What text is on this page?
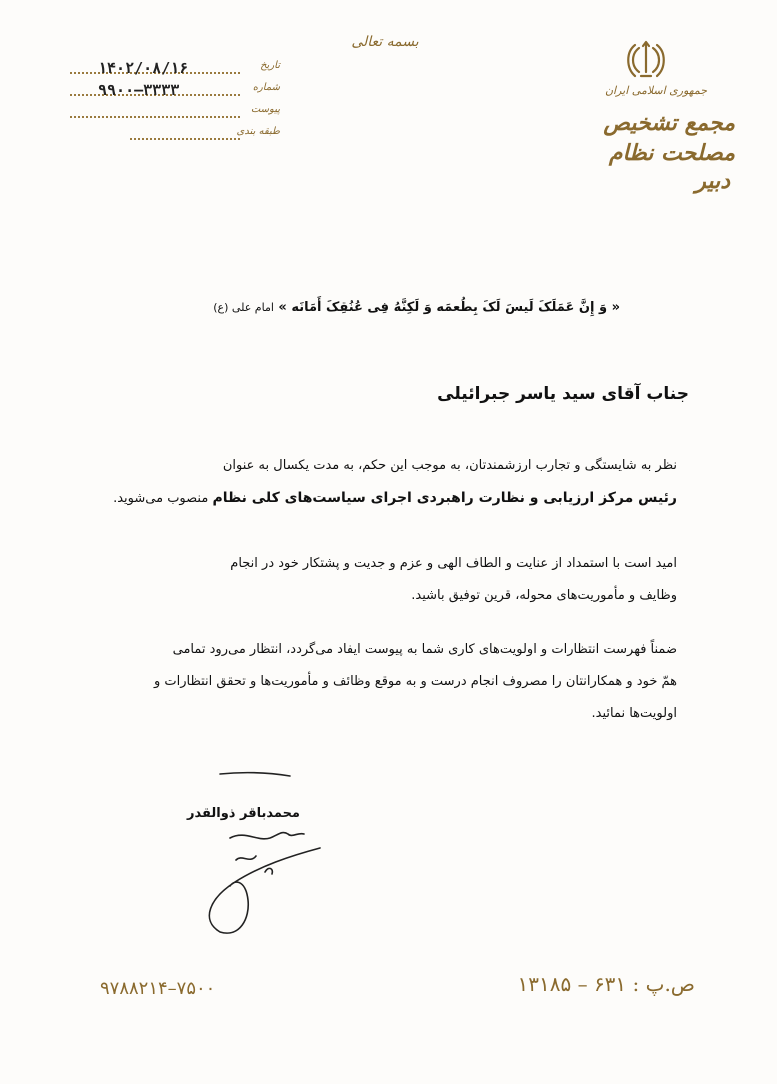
تاریخ
۱۴۰۲/۰۸/۱۶
شماره
۹۹۰۰–۳۳۳۳
پیوست
طبقه بندی
بسمه تعالی
جمهوری اسلامی ایران
مجمع تشخیص مصلحت نظام
دبیر
« وَ إِنَّ عَمَلَکَ لَیسَ لَکَ بِطُعمَه وَ لَکِنَّهُ فِی عُنُقِکَ أَمَانَه » امام علی (ع)
جناب آقای سید یاسر جبرائیلی
نظر به شایستگی و تجارب ارزشمندتان، به موجب این حکم، به مدت یکسال به عنوان
رئیس مرکز ارزیابی و نظارت راهبردی اجرای سیاست‌های کلی نظام منصوب می‌شوید.
امید است با استمداد از عنایت و الطاف الهی و عزم و جدیت و پشتکار خود در انجام
وظایف و مأموریت‌های محوله، قرین توفیق باشید.
ضمناً فهرست انتظارات و اولویت‌های کاری شما به پیوست ایفاد می‌گردد، انتظار می‌رود تمامی
همّ خود و همکارانتان را مصروف انجام درست و به موقع وظائف و مأموریت‌ها و تحقق انتظارات و
اولویت‌ها نمائید.
محمدباقر ذوالقدر
۹۷۸۸۲۱۴–۷۵۰۰	ص.پ : ۶۳۱ – ۱۳۱۸۵
